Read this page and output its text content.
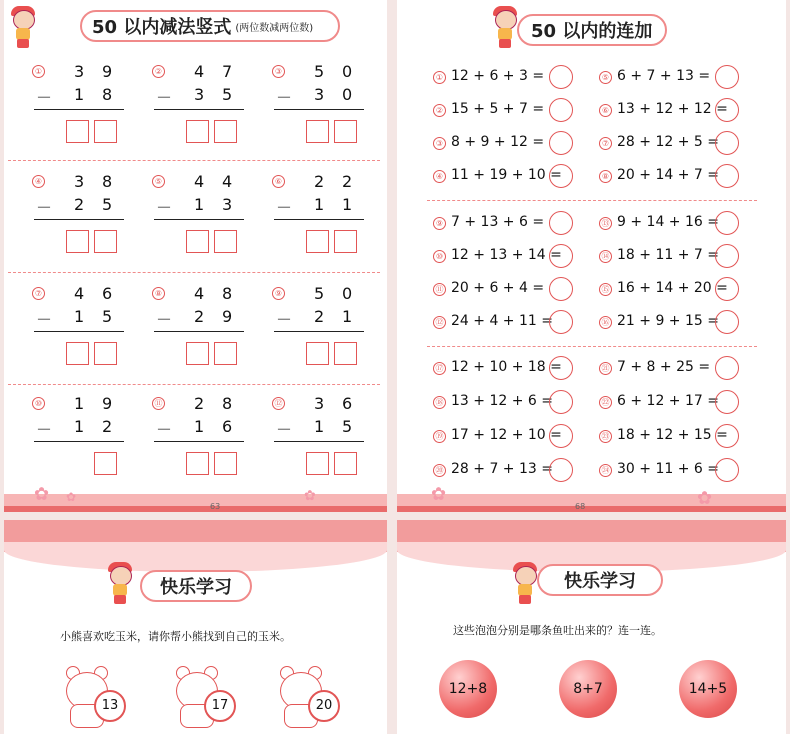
50 以内减法竖式 (两位数减两位数)
① 3 9
－ 1 8
② 4 7
－ 3 5
③ 5 0
－ 3 0
④ 3 8
－ 2 5
⑤ 4 4
－ 1 3
⑥ 2 2
－ 1 1
⑦ 4 6
－ 1 5
⑧ 4 8
－ 2 9
⑨ 5 0
－ 2 1
⑩ 1 9
－ 1 2
⑪ 2 8
－ 1 6
⑫ 3 6
－ 1 5
✿ ✿	✿
63
50 以内的连加
① 12 + 6 + 3 =
② 15 + 5 + 7 =
③ 8 + 9 + 12 =
④ 11 + 19 + 10 =
⑨ 7 + 13 + 6 =
⑩ 12 + 13 + 14 =
⑪ 20 + 6 + 4 =
⑫ 24 + 4 + 11 =
⑰ 12 + 10 + 18 =
⑱ 13 + 12 + 6 =
⑲ 17 + 12 + 10 =
⑳ 28 + 7 + 13 =
⑤ 6 + 7 + 13 =
⑥ 13 + 12 + 12 =
⑦ 28 + 12 + 5 =
⑧ 20 + 14 + 7 =
⑬ 9 + 14 + 16 =
⑭ 18 + 11 + 7 =
⑮ 16 + 14 + 20 =
⑯ 21 + 9 + 15 =
㉑ 7 + 8 + 25 =
㉒ 6 + 12 + 17 =
㉓ 18 + 12 + 15 =
㉔ 30 + 11 + 6 =
✿	✿
68
快乐学习
小熊喜欢吃玉米，请你帮小熊找到自己的玉米。
13	17	20
快乐学习
这些泡泡分别是哪条鱼吐出来的？连一连。
12+8	8+7	14+5
